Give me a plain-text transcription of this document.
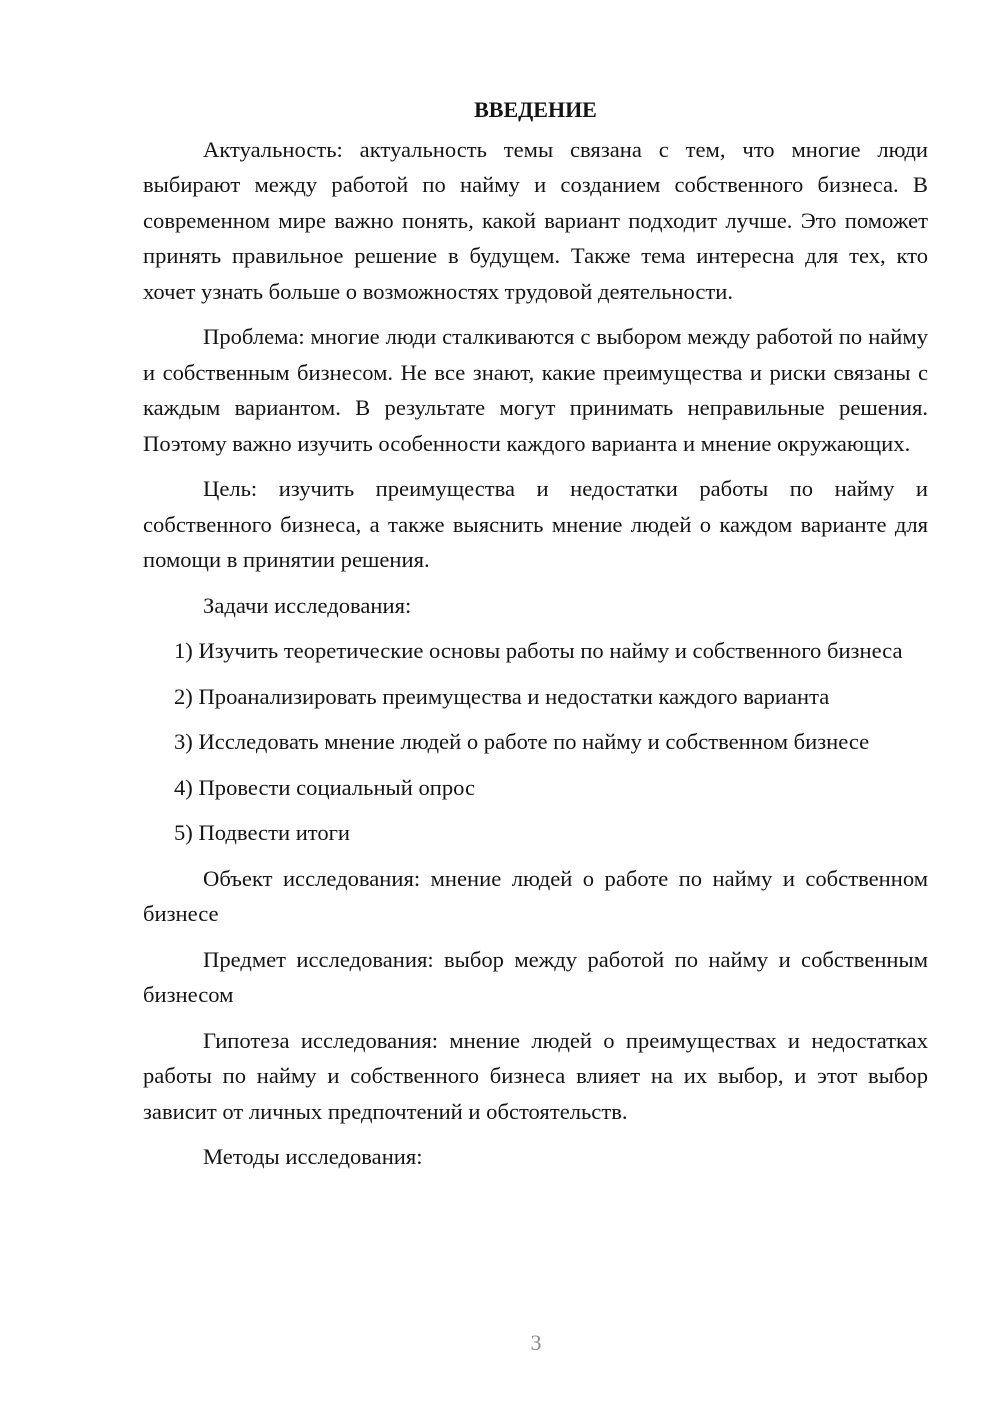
ВВЕДЕНИЕ

Актуальность: актуальность темы связана с тем, что многие люди выбирают между работой по найму и созданием собственного бизнеса. В современном мире важно понять, какой вариант подходит лучше. Это поможет принять правильное решение в будущем. Также тема интересна для тех, кто хочет узнать больше о возможностях трудовой деятельности.

Проблема: многие люди сталкиваются с выбором между работой по найму и собственным бизнесом. Не все знают, какие преимущества и риски связаны с каждым вариантом. В результате могут принимать неправильные решения. Поэтому важно изучить особенности каждого варианта и мнение окружающих.

Цель: изучить преимущества и недостатки работы по найму и собственного бизнеса, а также выяснить мнение людей о каждом варианте для помощи в принятии решения.

Задачи исследования:

1) Изучить теоретические основы работы по найму и собственного бизнеса

2) Проанализировать преимущества и недостатки каждого варианта

3) Исследовать мнение людей о работе по найму и собственном бизнесе

4) Провести социальный опрос

5) Подвести итоги

Объект исследования: мнение людей о работе по найму и собственном бизнесе

Предмет исследования: выбор между работой по найму и собственным бизнесом

Гипотеза исследования: мнение людей о преимуществах и недостатках работы по найму и собственного бизнеса влияет на их выбор, и этот выбор зависит от личных предпочтений и обстоятельств.

Методы исследования:

3
